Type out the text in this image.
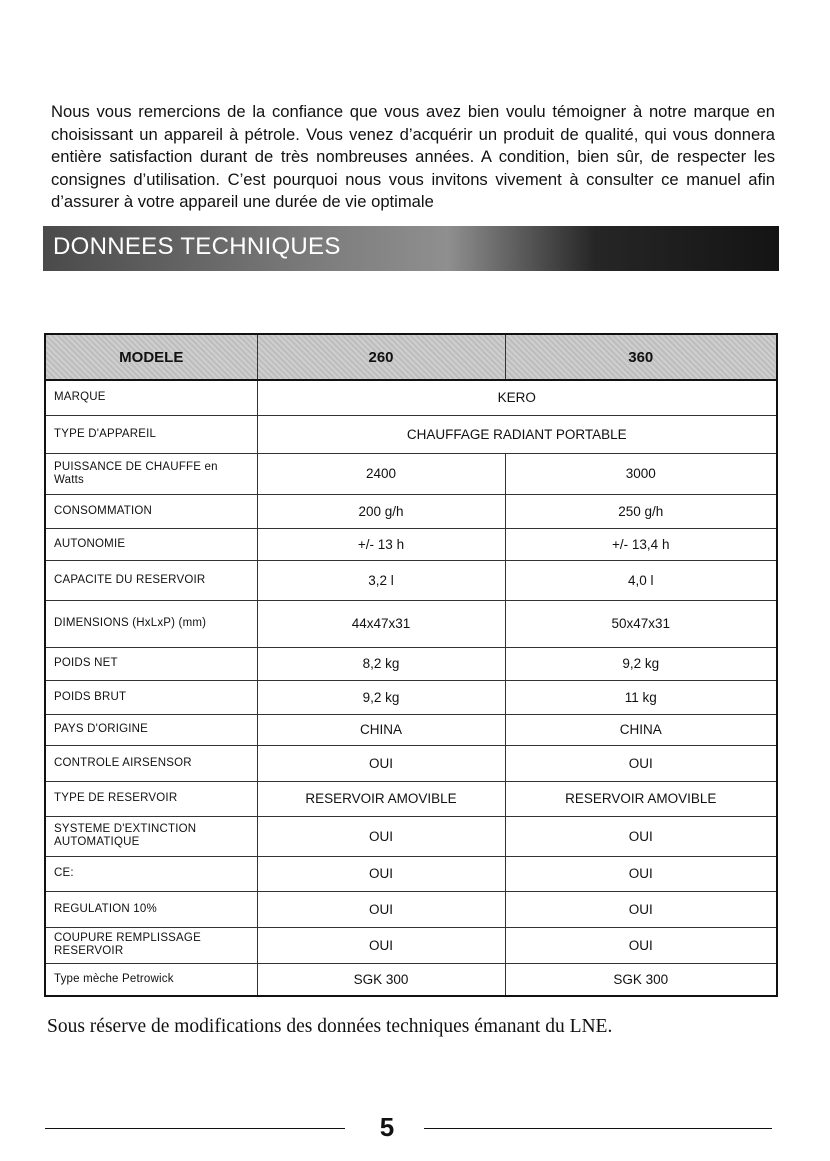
Nous vous remercions de la confiance que vous avez bien voulu témoigner à notre marque en choisissant un appareil à pétrole. Vous venez d’acquérir un produit de qualité, qui vous donnera entière satisfaction durant de très nombreuses années. A condition, bien sûr, de respecter les consignes d’utilisation. C’est pourquoi nous vous invitons vivement à consulter ce manuel afin d’assurer à votre appareil une durée de vie optimale

DONNEES TECHNIQUES
MODELE	260	360
MARQUE	KERO	
TYPE D'APPAREIL	CHAUFFAGE RADIANT PORTABLE	
PUISSANCE DE CHAUFFE en Watts	2400	3000
CONSOMMATION	200 g/h	250 g/h
AUTONOMIE	+/- 13 h	+/- 13,4 h
CAPACITE DU RESERVOIR	3,2 l	4,0 l
DIMENSIONS (HxLxP) (mm)	44x47x31	50x47x31
POIDS NET	8,2 kg	9,2 kg
POIDS BRUT	9,2 kg	11 kg
PAYS D'ORIGINE	CHINA	CHINA
CONTROLE AIRSENSOR	OUI	OUI
TYPE DE RESERVOIR	RESERVOIR AMOVIBLE	RESERVOIR AMOVIBLE
SYSTEME D'EXTINCTION AUTOMATIQUE	OUI	OUI
CE:	OUI	OUI
REGULATION 10%	OUI	OUI
COUPURE REMPLISSAGE RESERVOIR	OUI	OUI
Type mèche Petrowick	SGK 300	SGK 300
Sous réserve de modifications des données techniques émanant du LNE.
5
